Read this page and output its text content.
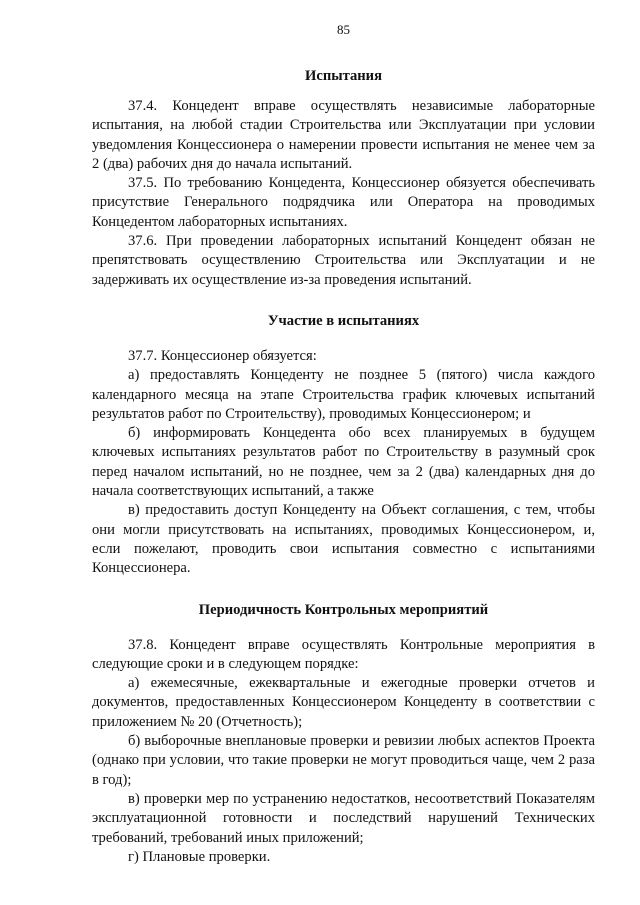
85
Испытания

37.4. Концедент вправе осуществлять независимые лабораторные испытания, на любой стадии Строительства или Эксплуатации при условии уведомления Концессионера о намерении провести испытания не менее чем за 2 (два) рабочих дня до начала испытаний.

37.5. По требованию Концедента, Концессионер обязуется обеспечивать присутствие Генерального подрядчика или Оператора на проводимых Концедентом лабораторных испытаниях.

37.6. При проведении лабораторных испытаний Концедент обязан не препятствовать осуществлению Строительства или Эксплуатации и не задерживать их осуществление из-за проведения испытаний.

Участие в испытаниях

37.7. Концессионер обязуется:

а) предоставлять Концеденту не позднее 5 (пятого) числа каждого календарного месяца на этапе Строительства график ключевых испытаний результатов работ по Строительству), проводимых Концессионером; и

б) информировать Концедента обо всех планируемых в будущем ключевых испытаниях результатов работ по Строительству в разумный срок перед началом испытаний, но не позднее, чем за 2 (два) календарных дня до начала соответствующих испытаний, а также

в) предоставить доступ Концеденту на Объект соглашения, с тем, чтобы они могли присутствовать на испытаниях, проводимых Концессионером, и, если пожелают, проводить свои испытания совместно с испытаниями Концессионера.

Периодичность Контрольных мероприятий

37.8. Концедент вправе осуществлять Контрольные мероприятия в следующие сроки и в следующем порядке:

а) ежемесячные, ежеквартальные и ежегодные проверки отчетов и документов, предоставленных Концессионером Концеденту в соответствии с приложением № 20 (Отчетность);

б) выборочные внеплановые проверки и ревизии любых аспектов Проекта (однако при условии, что такие проверки не могут проводиться чаще, чем 2 раза в год);

в) проверки мер по устранению недостатков, несоответствий Показателям эксплуатационной готовности и последствий нарушений Технических требований, требований иных приложений;

г) Плановые проверки.
